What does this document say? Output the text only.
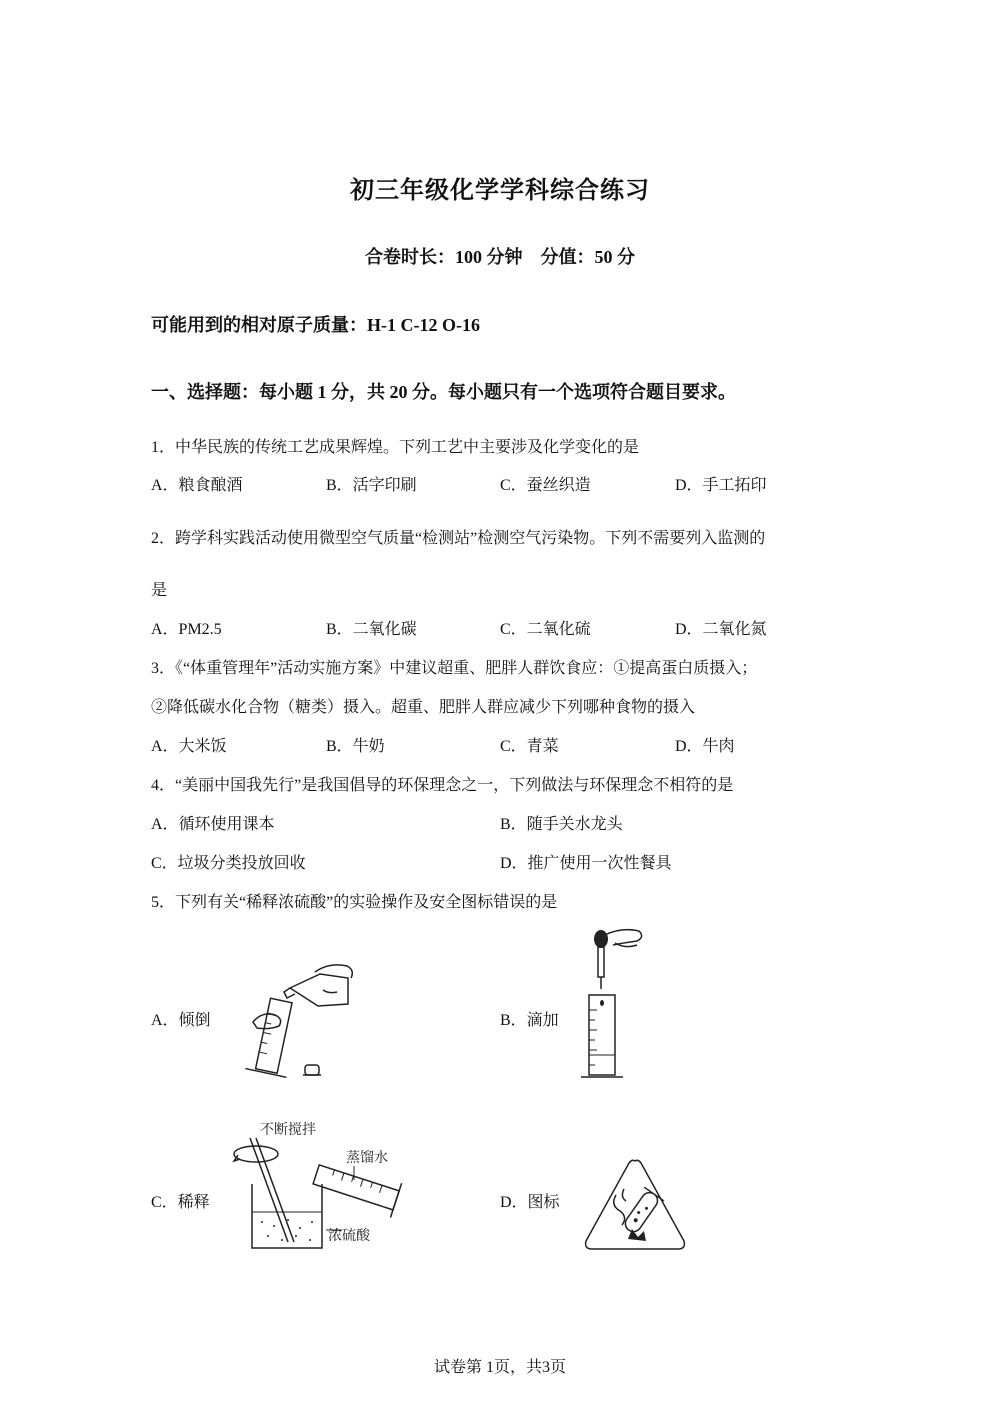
初三年级化学学科综合练习
合卷时长：100 分钟　分值：50 分
可能用到的相对原子质量：H-1 C-12 O-16
一、选择题：每小题 1 分，共 20 分。每小题只有一个选项符合题目要求。
1．中华民族的传统工艺成果辉煌。下列工艺中主要涉及化学变化的是
A．粮食酿酒	B．活字印刷	C．蚕丝织造	D．手工拓印
2．跨学科实践活动使用微型空气质量“检测站”检测空气污染物。下列不需要列入监测的
是
A．PM2.5	B．二氧化碳	C．二氧化硫	D．二氧化氮
3．《“体重管理年”活动实施方案》中建议超重、肥胖人群饮食应：①提高蛋白质摄入；
②降低碳水化合物（糖类）摄入。超重、肥胖人群应减少下列哪种食物的摄入
A．大米饭	B．牛奶	C．青菜	D．牛肉
4．“美丽中国我先行”是我国倡导的环保理念之一，下列做法与环保理念不相符的是
A．循环使用课本	B．随手关水龙头
C．垃圾分类投放回收	D．推广使用一次性餐具
5．下列有关“稀释浓硫酸”的实验操作及安全图标错误的是
A．倾倒	B．滴加
C．稀释	D．图标
不断搅拌
蒸馏水
浓硫酸
试卷第 1页，共3页
